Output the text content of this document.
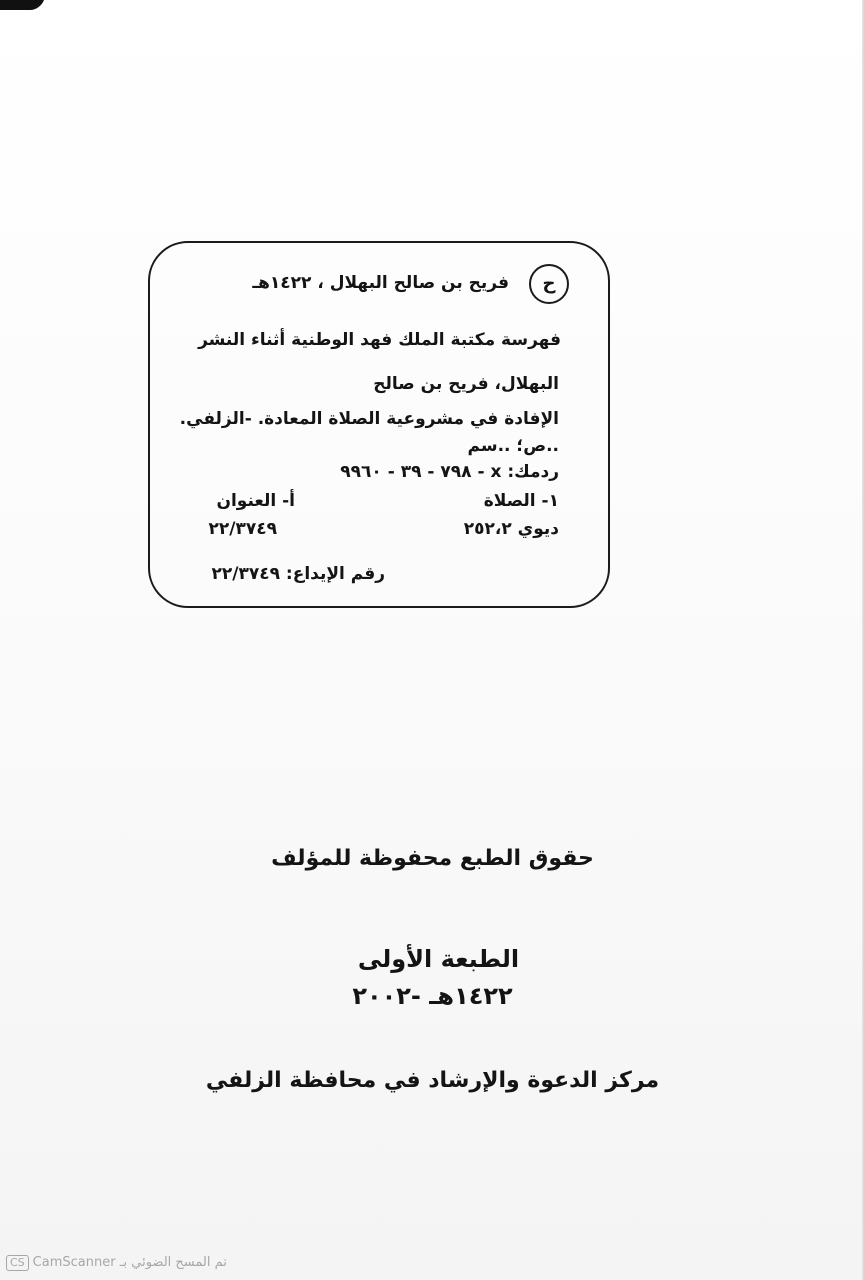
ح
فريح بن صالح البهلال ، ١٤٢٢هـ
فهرسة مكتبة الملك فهد الوطنية أثناء النشر
البهلال، فريح بن صالح
الإفادة في مشروعية الصلاة المعادة. -الزلفي.
..ص؛ ..سم
ردمك: x - ٧٩٨ - ٣٩ - ٩٩٦٠
١- الصلاة
أ- العنوان
ديوي ٢٥٢،٢
٢٢/٣٧٤٩
رقم الإيداع: ٢٢/٣٧٤٩
حقوق الطبع محفوظة للمؤلف
الطبعة الأولى
١٤٢٢هـ -٢٠٠٢
مركز الدعوة والإرشاد في محافظة الزلفي
CS CamScanner تم المسح الضوئي بـ
